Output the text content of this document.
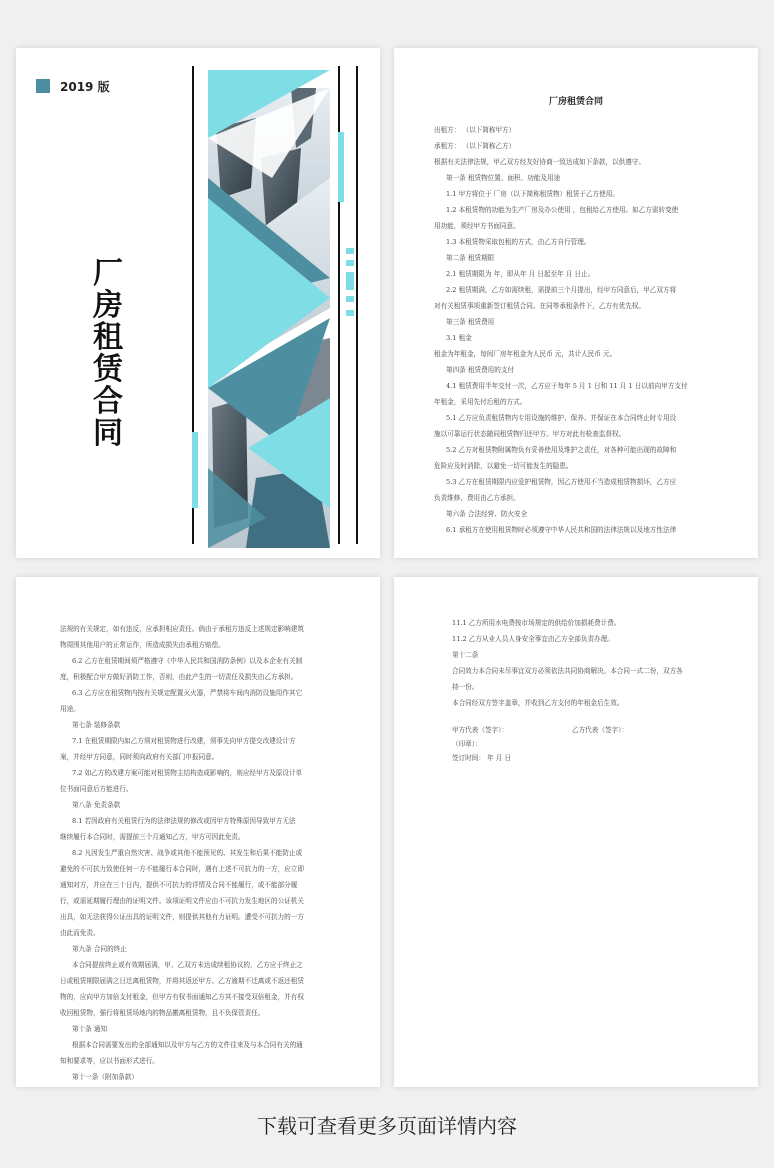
2019 版
厂
房
租
赁
合
同
厂房租赁合同

出租方： （以下简称甲方）

承租方： （以下简称乙方）

根据有关法律法规，甲乙双方经友好协商一致达成如下条款，以供遵守。

第一条 租赁物位置、面积、功能及用途

1.1 甲方将位于 厂房（以下简称租赁物）租赁于乙方使用。

1.2 本租赁物的功能为生产厂房及办公使用 ，包租给乙方使用。如乙方需转变使

用功能，须经甲方书面同意。

1.3 本租赁物采取包租的方式，由乙方自行管理。

第二条 租赁期限

2.1 租赁期限为 年，即从年 月 日起至年 月 日止。

2.2 租赁期满，乙方如需续租，需提前三个月提出，经甲方同意后，甲乙双方将

对有关租赁事项重新签订租赁合同。在同等承租条件下，乙方有优先权。

第三条 租赁费用

3.1 租金

租金为年租金，每间厂房年租金为人民币 元，共计人民币 元。

第四条 租赁费用的支付

4.1 租赁费用半年交付一次，乙方应于每年 5 月 1 日和 11 月 1 日以前向甲方支付

年租金，采用先付后租的方式。

5.1 乙方应负责租赁物内专用设施的维护、保养、并保证在本合同终止时专用设

施以可靠运行状态随同租赁物归还甲方。甲方对此有检查监督权。

5.2 乙方对租赁物附属物负有妥善使用及维护之责任，对各种可能出现的故障和

危险应及时消除，以避免一切可能发生的隐患。

5.3 乙方在租赁期限内应爱护租赁物，因乙方使用不当造成租赁物损坏，乙方应

负责维修，费用由乙方承担。

第六条 合法经营、防火安全

6.1 承租方在使用租赁物时必须遵守中华人民共和国的法律法规以及地方性法律

法规的有关规定，如有违反，应承担相应责任。倘由于承租方违反上述规定影响建筑

物周围其他用户的正常运作，所造成损失由承租方赔偿。

6.2 乙方在租赁期间须严格遵守《中华人民共和国消防条例》以及本企业有关制

度，积极配合甲方做好消防工作，否则，由此产生的一切责任及损失由乙方承担。

6.3 乙方应在租赁物内按有关规定配置灭火器，严禁将车间内消防设施用作其它

用途。

第七条 装修条款

7.1 在租赁期限内如乙方须对租赁物进行改建，须事先向甲方提交改建设计方

案，并经甲方同意，同时须向政府有关部门申报同意。

7.2 如乙方的改建方案可能对租赁物主结构造成影响的，则应经甲方及原设计单

位书面同意后方能进行。

第八条 免责条款

8.1 若因政府有关租赁行为的法律法规的修改或因甲方特殊原因导致甲方无法

继续履行本合同时，需提前三个月通知乙方，甲方可因此免责。

8.2 凡因发生严重自然灾害、战争或其他不能预见的、其发生和后果不能防止或

避免的不可抗力致使任何一方不能履行本合同时，遇有上述不可抗力的一方，应立即

通知对方，并应在三十日内，提供不可抗力的详情及合同不能履行，或不能部分履

行，或需延期履行理由的证明文件。该项证明文件应由不可抗力发生地区的公证机关

出具，如无法获得公证出具的证明文件，则提供其他有力证明。遭受不可抗力的一方

由此而免责。

第九条 合同的终止

本合同提前终止或有效期届满，甲、乙双方未达成续租协议的，乙方应于终止之

日或租赁期限届满之日迁离租赁物，并将其返还甲方。乙方逾期不迁离或不返还租赁

物的，应向甲方加倍支付租金，但甲方有权书面通知乙方其不接受双倍租金，并有权

收回租赁物，强行将租赁场地内的物品搬离租赁物，且不负保管责任。

第十条 通知

根据本合同需要发出的全部通知以及甲方与乙方的文件往来及与本合同有关的通

知和要求等，应以书面形式进行。

第十一条（附加条款）

11.1 乙方所用水电费按市场规定的供给价加损耗费计费。

11.2 乙方从业人员人身安全事宜由乙方全部负责办理。

第十二条

合同效力本合同未尽事宜双方必须依法共同协商解决。本合同一式二份，双方各

持一份。

本合同经双方签字盖章，并收到乙方支付的年租金后生效。

甲方代表（签字）：	乙方代表（签字）：
（印章）：
签订时间： 年 月 日
下载可查看更多页面详情内容
